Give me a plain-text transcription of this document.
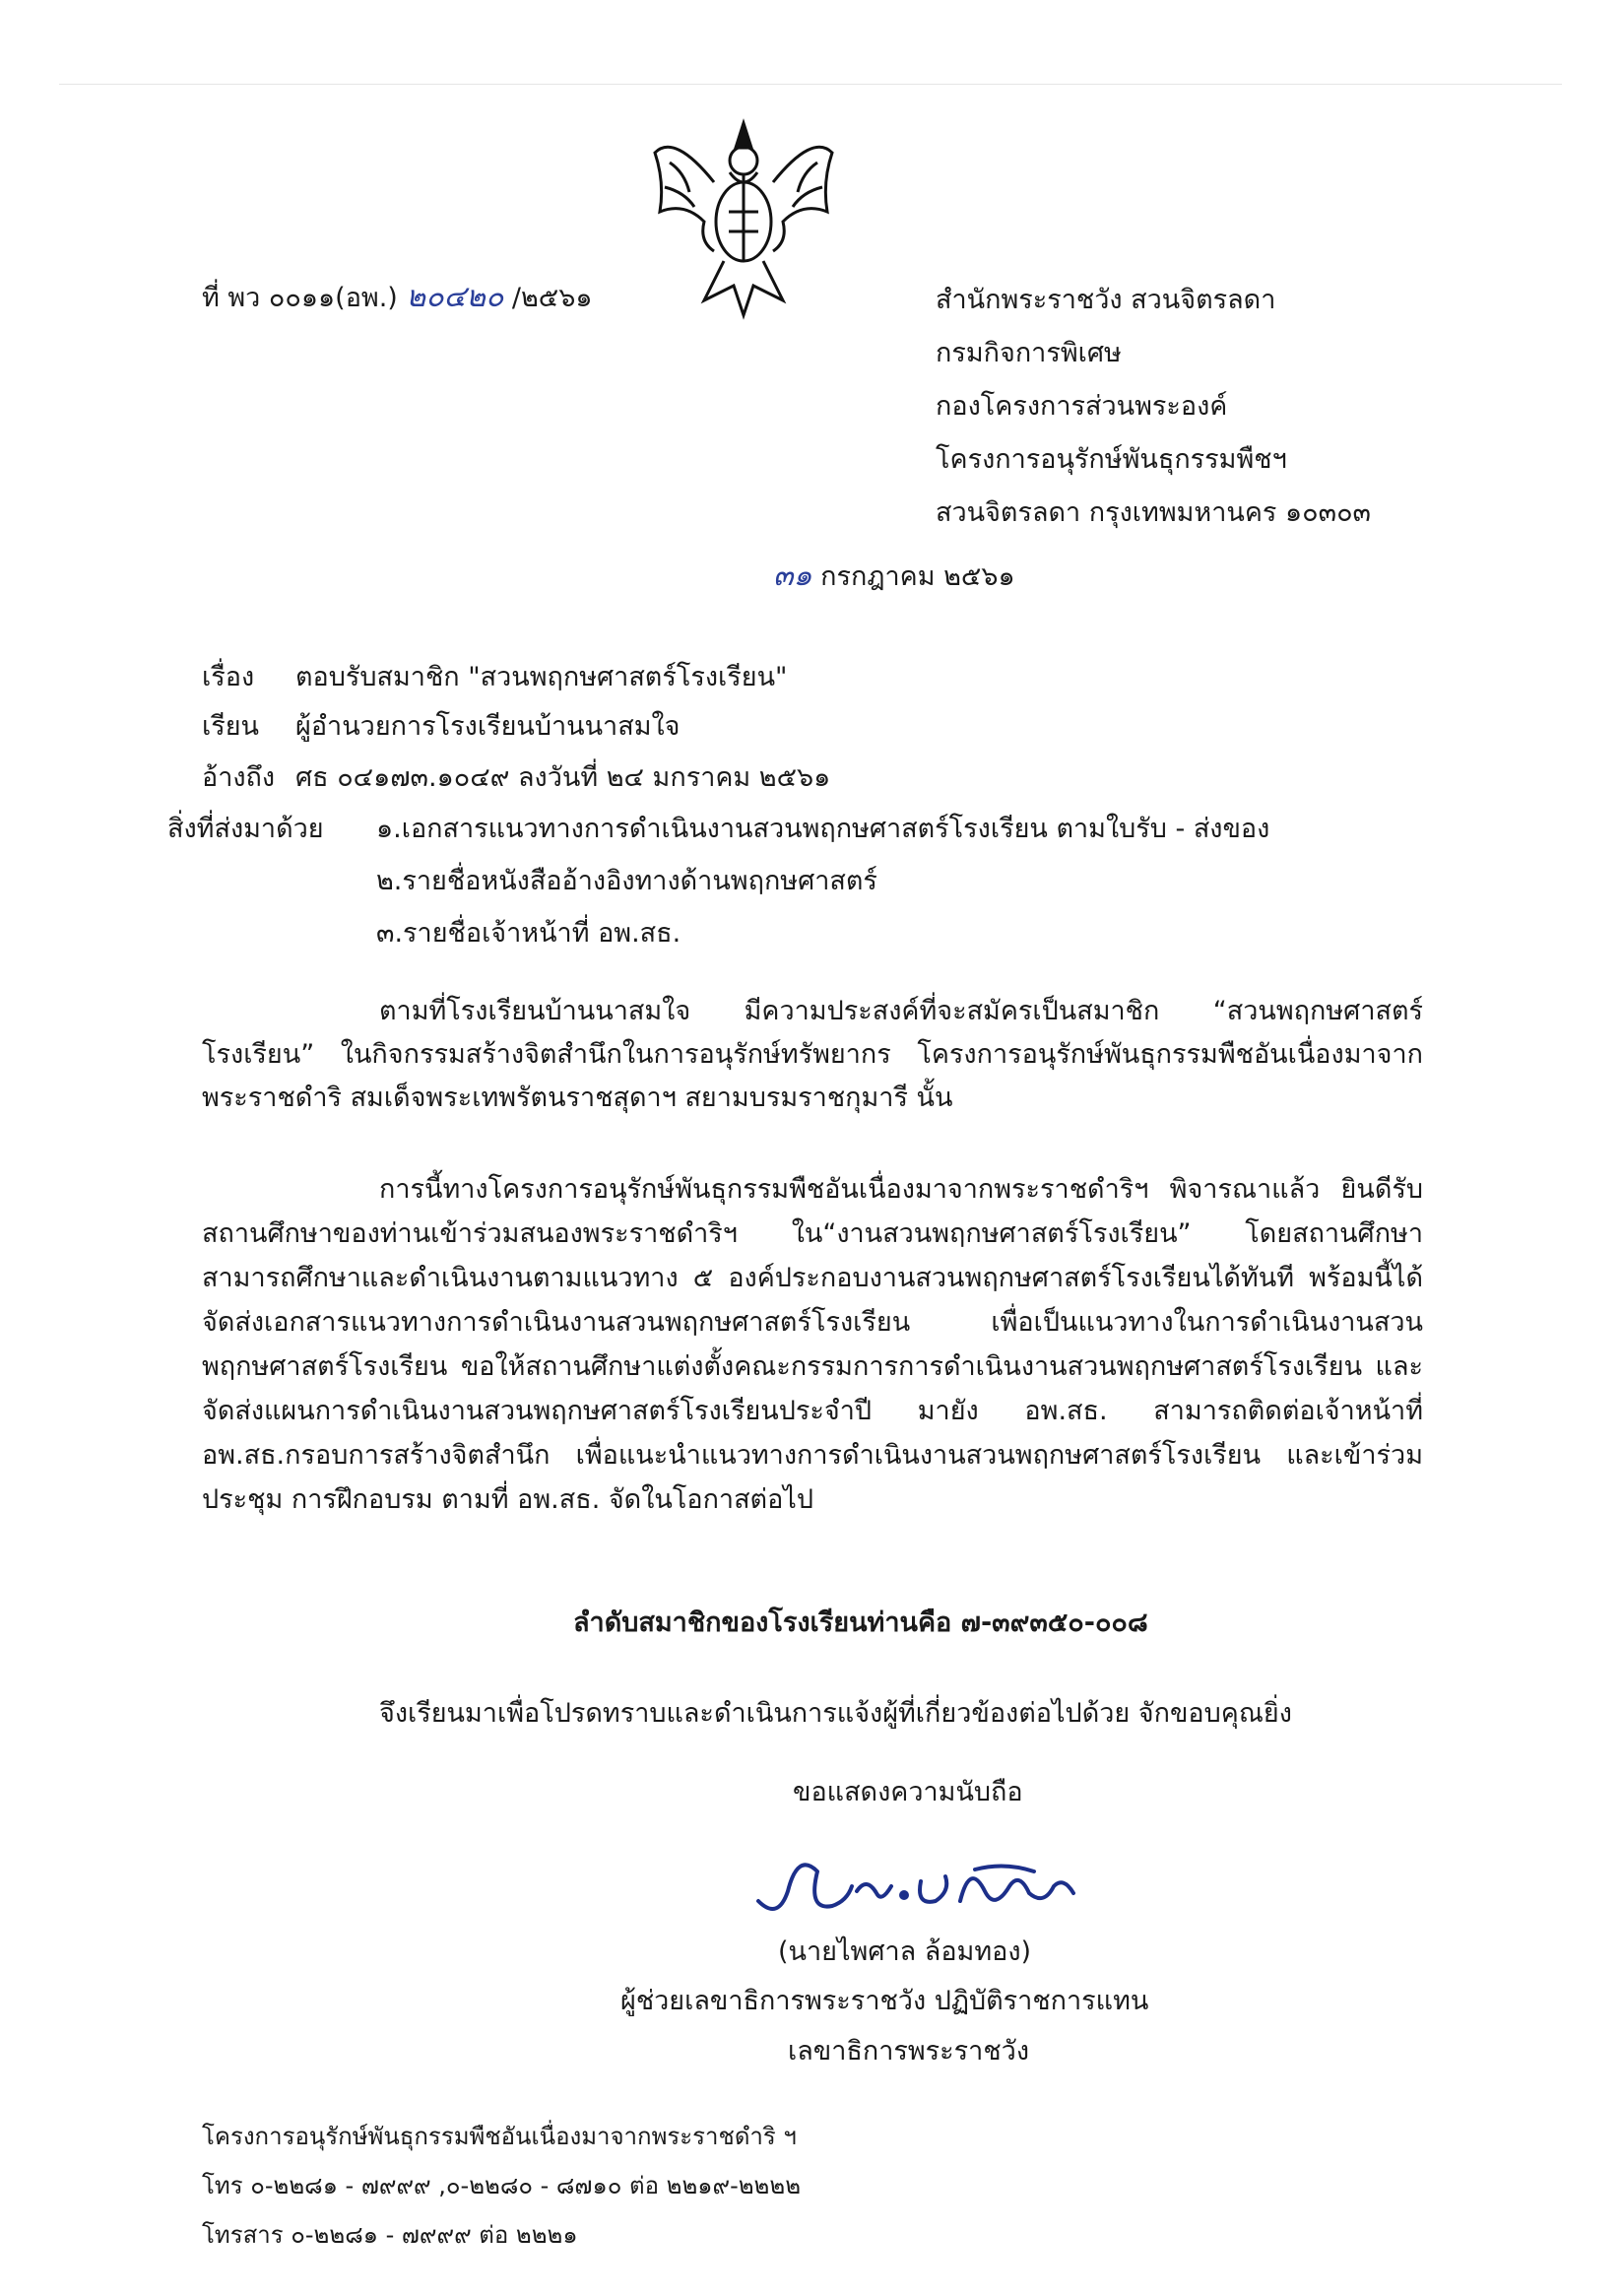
ที่ พว ๐๐๑๑(อพ.) ๒๐๔๒๐ /๒๕๖๑	สำนักพระราชวัง สวนจิตรลดา
กรมกิจการพิเศษ
กองโครงการส่วนพระองค์
โครงการอนุรักษ์พันธุกรรมพืชฯ
สวนจิตรลดา กรุงเทพมหานคร ๑๐๓๐๓
๓๑ กรกฎาคม ๒๕๖๑
เรื่อง ตอบรับสมาชิก "สวนพฤกษศาสตร์โรงเรียน"
เรียน ผู้อำนวยการโรงเรียนบ้านนาสมใจ
อ้างถึง ศธ ๐๔๑๗๓.๑๐๔๙ ลงวันที่ ๒๔ มกราคม ๒๕๖๑
สิ่งที่ส่งมาด้วย ๑.เอกสารแนวทางการดำเนินงานสวนพฤกษศาสตร์โรงเรียน ตามใบรับ - ส่งของ
๒.รายชื่อหนังสืออ้างอิงทางด้านพฤกษศาสตร์
๓.รายชื่อเจ้าหน้าที่ อพ.สธ.
ตามที่โรงเรียนบ้านนาสมใจ มีความประสงค์ที่จะสมัครเป็นสมาชิก “สวนพฤกษศาสตร์โรงเรียน” ในกิจกรรมสร้างจิตสำนึกในการอนุรักษ์ทรัพยากร โครงการอนุรักษ์พันธุกรรมพืชอันเนื่องมาจากพระราชดำริ สมเด็จพระเทพรัตนราชสุดาฯ สยามบรมราชกุมารี นั้น
การนี้ทางโครงการอนุรักษ์พันธุกรรมพืชอันเนื่องมาจากพระราชดำริฯ พิจารณาแล้ว ยินดีรับสถานศึกษาของท่านเข้าร่วมสนองพระราชดำริฯ ใน“งานสวนพฤกษศาสตร์โรงเรียน” โดยสถานศึกษาสามารถศึกษาและดำเนินงานตามแนวทาง ๕ องค์ประกอบงานสวนพฤกษศาสตร์โรงเรียนได้ทันที พร้อมนี้ได้จัดส่งเอกสารแนวทางการดำเนินงานสวนพฤกษศาสตร์โรงเรียน เพื่อเป็นแนวทางในการดำเนินงานสวนพฤกษศาสตร์โรงเรียน ขอให้สถานศึกษาแต่งตั้งคณะกรรมการการดำเนินงานสวนพฤกษศาสตร์โรงเรียน และจัดส่งแผนการดำเนินงานสวนพฤกษศาสตร์โรงเรียนประจำปี มายัง อพ.สธ. สามารถติดต่อเจ้าหน้าที่ อพ.สธ.กรอบการสร้างจิตสำนึก เพื่อแนะนำแนวทางการดำเนินงานสวนพฤกษศาสตร์โรงเรียน และเข้าร่วมประชุม การฝึกอบรม ตามที่ อพ.สธ. จัดในโอกาสต่อไป
ลำดับสมาชิกของโรงเรียนท่านคือ ๗-๓๙๓๕๐-๐๐๘
จึงเรียนมาเพื่อโปรดทราบและดำเนินการแจ้งผู้ที่เกี่ยวข้องต่อไปด้วย จักขอบคุณยิ่ง
ขอแสดงความนับถือ
(นายไพศาล ล้อมทอง)
ผู้ช่วยเลขาธิการพระราชวัง ปฏิบัติราชการแทน
เลขาธิการพระราชวัง
โครงการอนุรักษ์พันธุกรรมพืชอันเนื่องมาจากพระราชดำริ ฯ
โทร ๐-๒๒๘๑ - ๗๙๙๙ ,๐-๒๒๘๐ - ๘๗๑๐ ต่อ ๒๒๑๙-๒๒๒๒
โทรสาร ๐-๒๒๘๑ - ๗๙๙๙ ต่อ ๒๒๒๑
